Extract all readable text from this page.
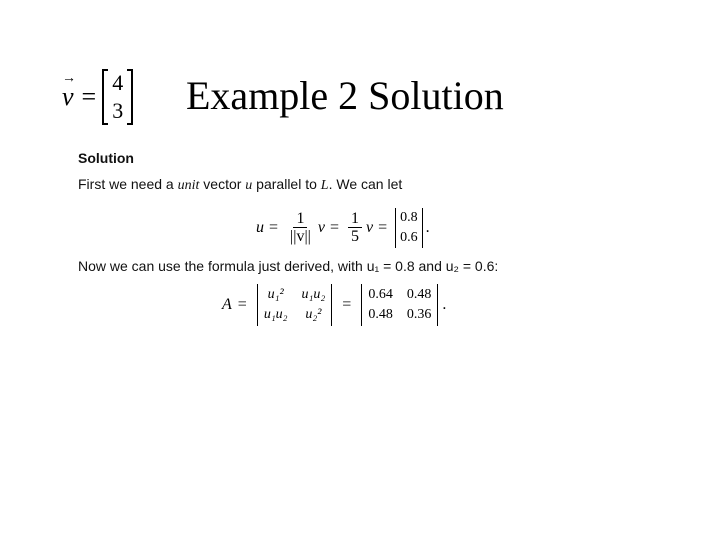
→
v = 4
3 Example 2 Solution
Solution
First we need a unit vector u parallel to L. We can let
$u = \frac{1}{||v||}$ $v = \frac{1}{5}$ v =
0.8
0.6
.
Now we can use the formula just derived, with u₁ = 0.8 and u₂ = 0.6:
A =
u₁² u₁u₂
u₁u₂ u₂²
=
0.64 0.48
0.48 0.36
.
